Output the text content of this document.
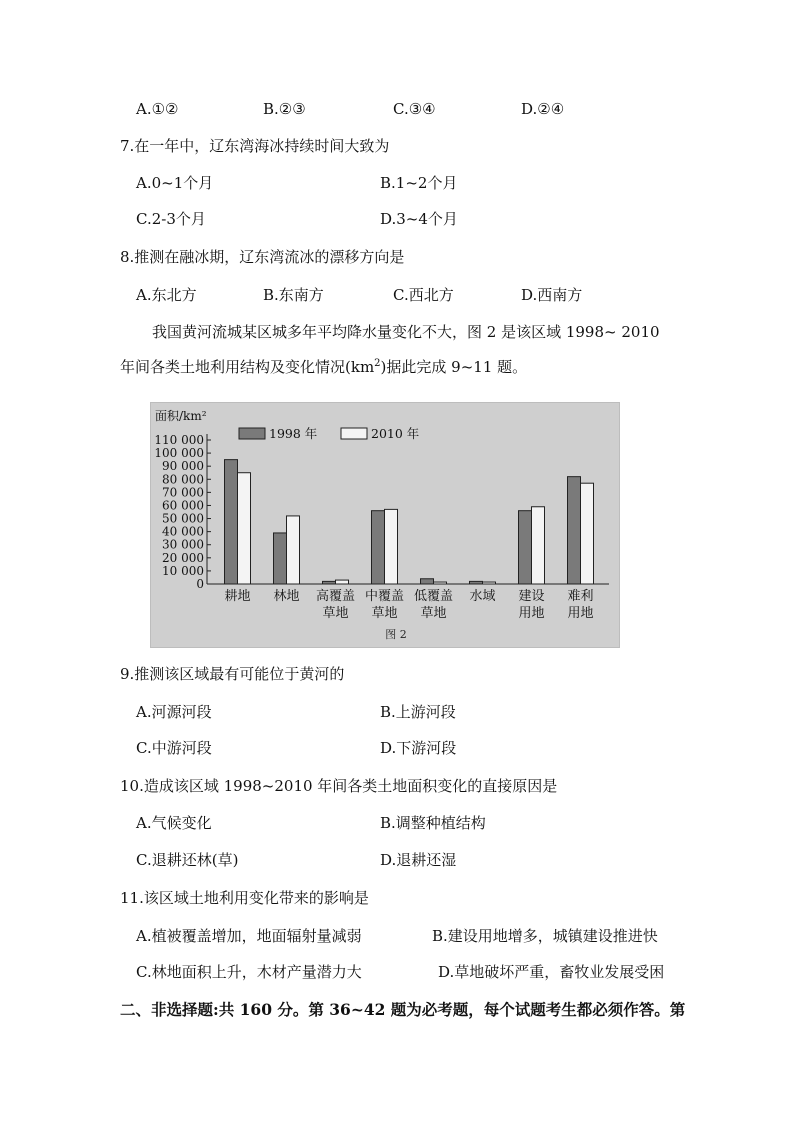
A.①②	B.②③	C.③④	D.②④
7.在一年中，辽东湾海冰持续时间大致为
A.0~1个月	B.1~2个月
C.2-3个月	D.3~4个月
8.推测在融冰期，辽东湾流冰的漂移方向是
A.东北方	B.东南方	C.西北方	D.西南方
我国黄河流城某区城多年平均降水量变化不大，图 2 是该区域 1998~ 2010
年间各类土地利用结构及变化情况$(km^2)$据此完成 9~11 题。
面积/km²
0
10 000
20 000
30 000
40 000
50 000
60 000
70 000
80 000
90 000
100 000
110 000	1998 年	2010 年
耕地 林地 高覆盖
草地
中覆盖
草地
低覆盖
草地
水域 建设
用地
难利
用地
图 2
9.推测该区域最有可能位于黄河的
A.河源河段	B.上游河段
C.中游河段	D.下游河段
10.造成该区域 1998~2010 年间各类土地面积变化的直接原因是
A.气候变化	B.调整种植结构
C.退耕还林(草)	D.退耕还湿
11.该区域土地利用变化带来的影响是
A.植被覆盖增加，地面辐射量减弱	B.建设用地增多，城镇建设推进快
C.林地面积上升，木材产量潜力大	D.草地破坏严重，畜牧业发展受困
二、非选择题:共 160 分。第 36~42 题为必考题，每个试题考生都必须作答。第
